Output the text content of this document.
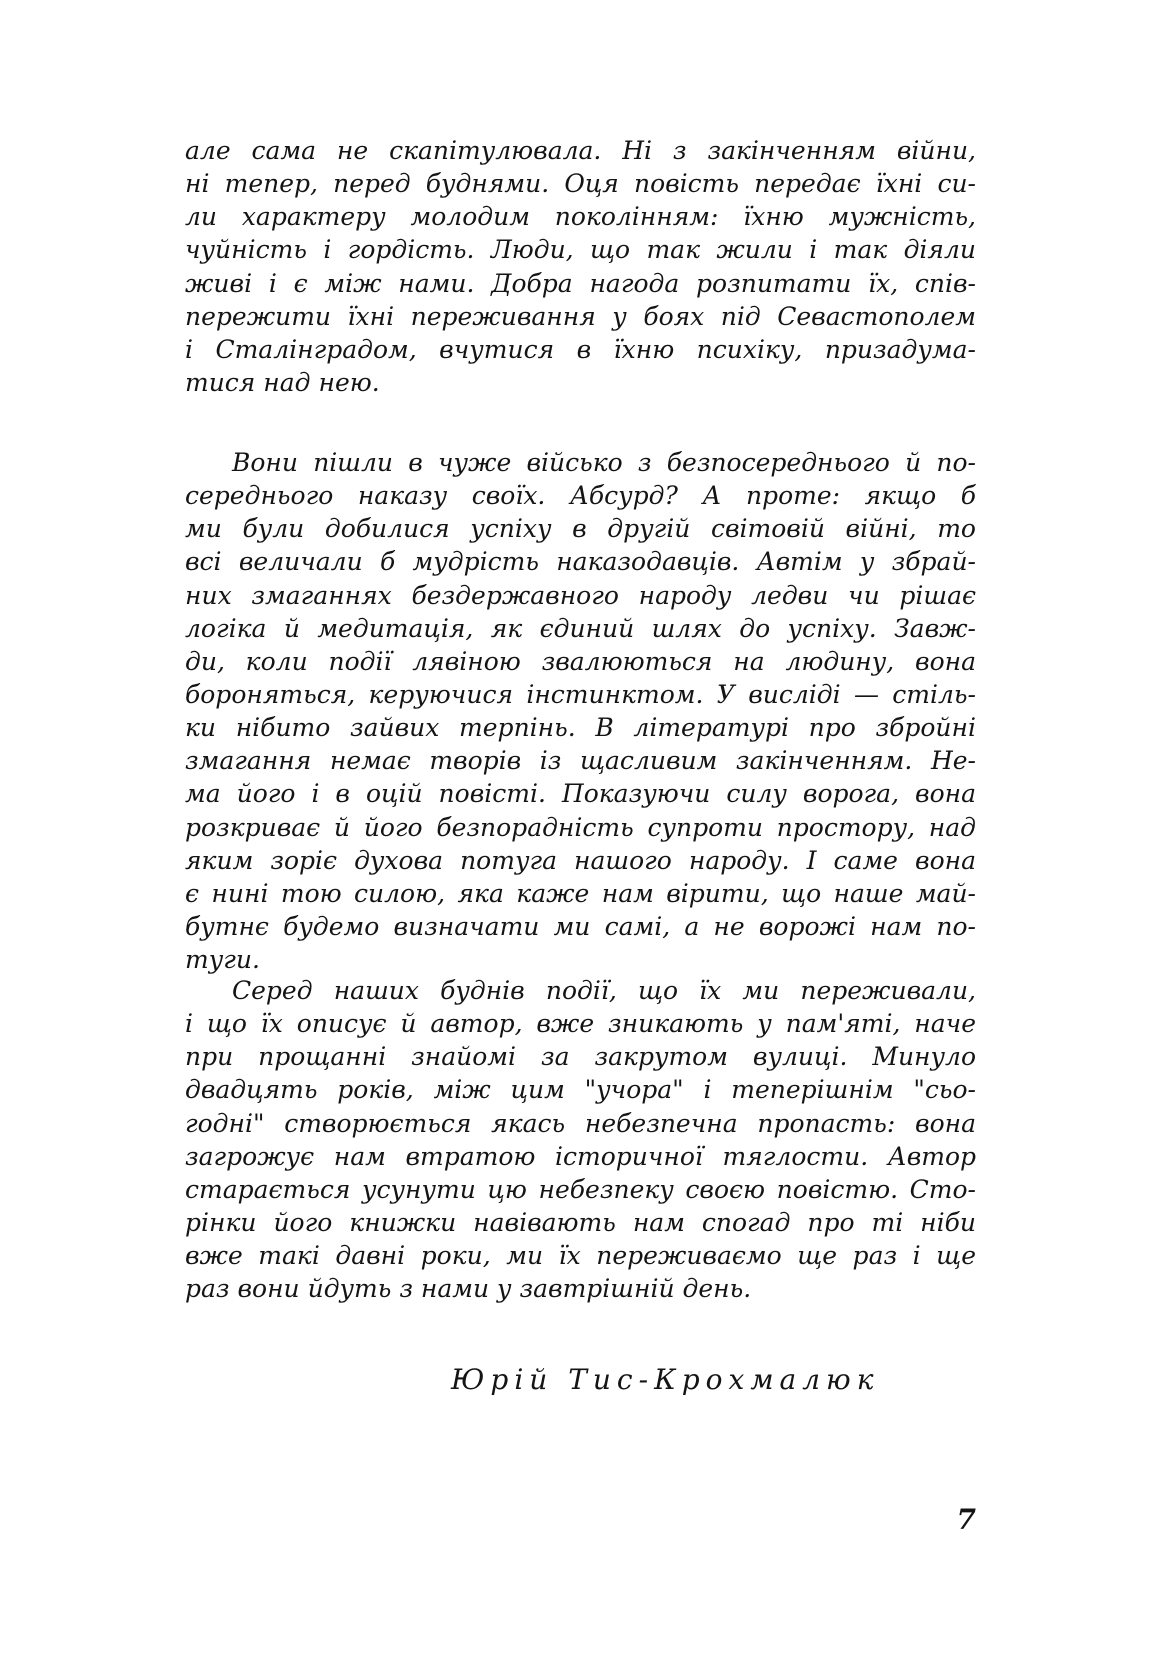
але сама не скапітулювала. Ні з закінченням війни,
ні тепер, перед буднями. Оця повість передає їхні си-
ли характеру молодим поколінням: їхню мужність,
чуйність і гордість. Люди, що так жили і так діяли
живі і є між нами. Добра нагода розпитати їх, спів-
пережити їхні переживання у боях під Севастополем
і Сталінградом, вчутися в їхню психіку, призадума-
тися над нею.
Вони пішли в чуже військо з безпосереднього й по-
середнього наказу своїх. Абсурд? А проте: якщо б
ми були добилися успіху в другій світовій війні, то
всі величали б мудрість наказодавців. Автім у збрай-
них змаганнях бездержавного народу ледви чи рішає
логіка й медитація, як єдиний шлях до успіху. Завж-
ди, коли події лявіною звалюються на людину, вона
бороняться, керуючися інстинктом. У висліді — стіль-
ки нібито зайвих терпінь. В літературі про збройні
змагання немає творів із щасливим закінченням. Не-
ма його і в оцій повісті. Показуючи силу ворога, вона
розкриває й його безпорадність супроти простору, над
яким зоріє духова потуга нашого народу. І саме вона
є нині тою силою, яка каже нам вірити, що наше май-
бутнє будемо визначати ми самі, а не ворожі нам по-
туги.
Серед наших буднів події, що їх ми переживали,
і що їх описує й автор, вже зникають у пам'яті, наче
при прощанні знайомі за закрутом вулиці. Минуло
двадцять років, між цим "учора" і теперішнім "сьо-
годні" створюється якась небезпечна пропасть: вона
загрожує нам втратою історичної тяглости. Автор
старається усунути цю небезпеку своєю повістю. Сто-
рінки його книжки навівають нам спогад про ті ніби
вже такі давні роки, ми їх переживаємо ще раз і ще
раз вони йдуть з нами у завтрішній день.
Юрій Тис-Крохмалюк
7
